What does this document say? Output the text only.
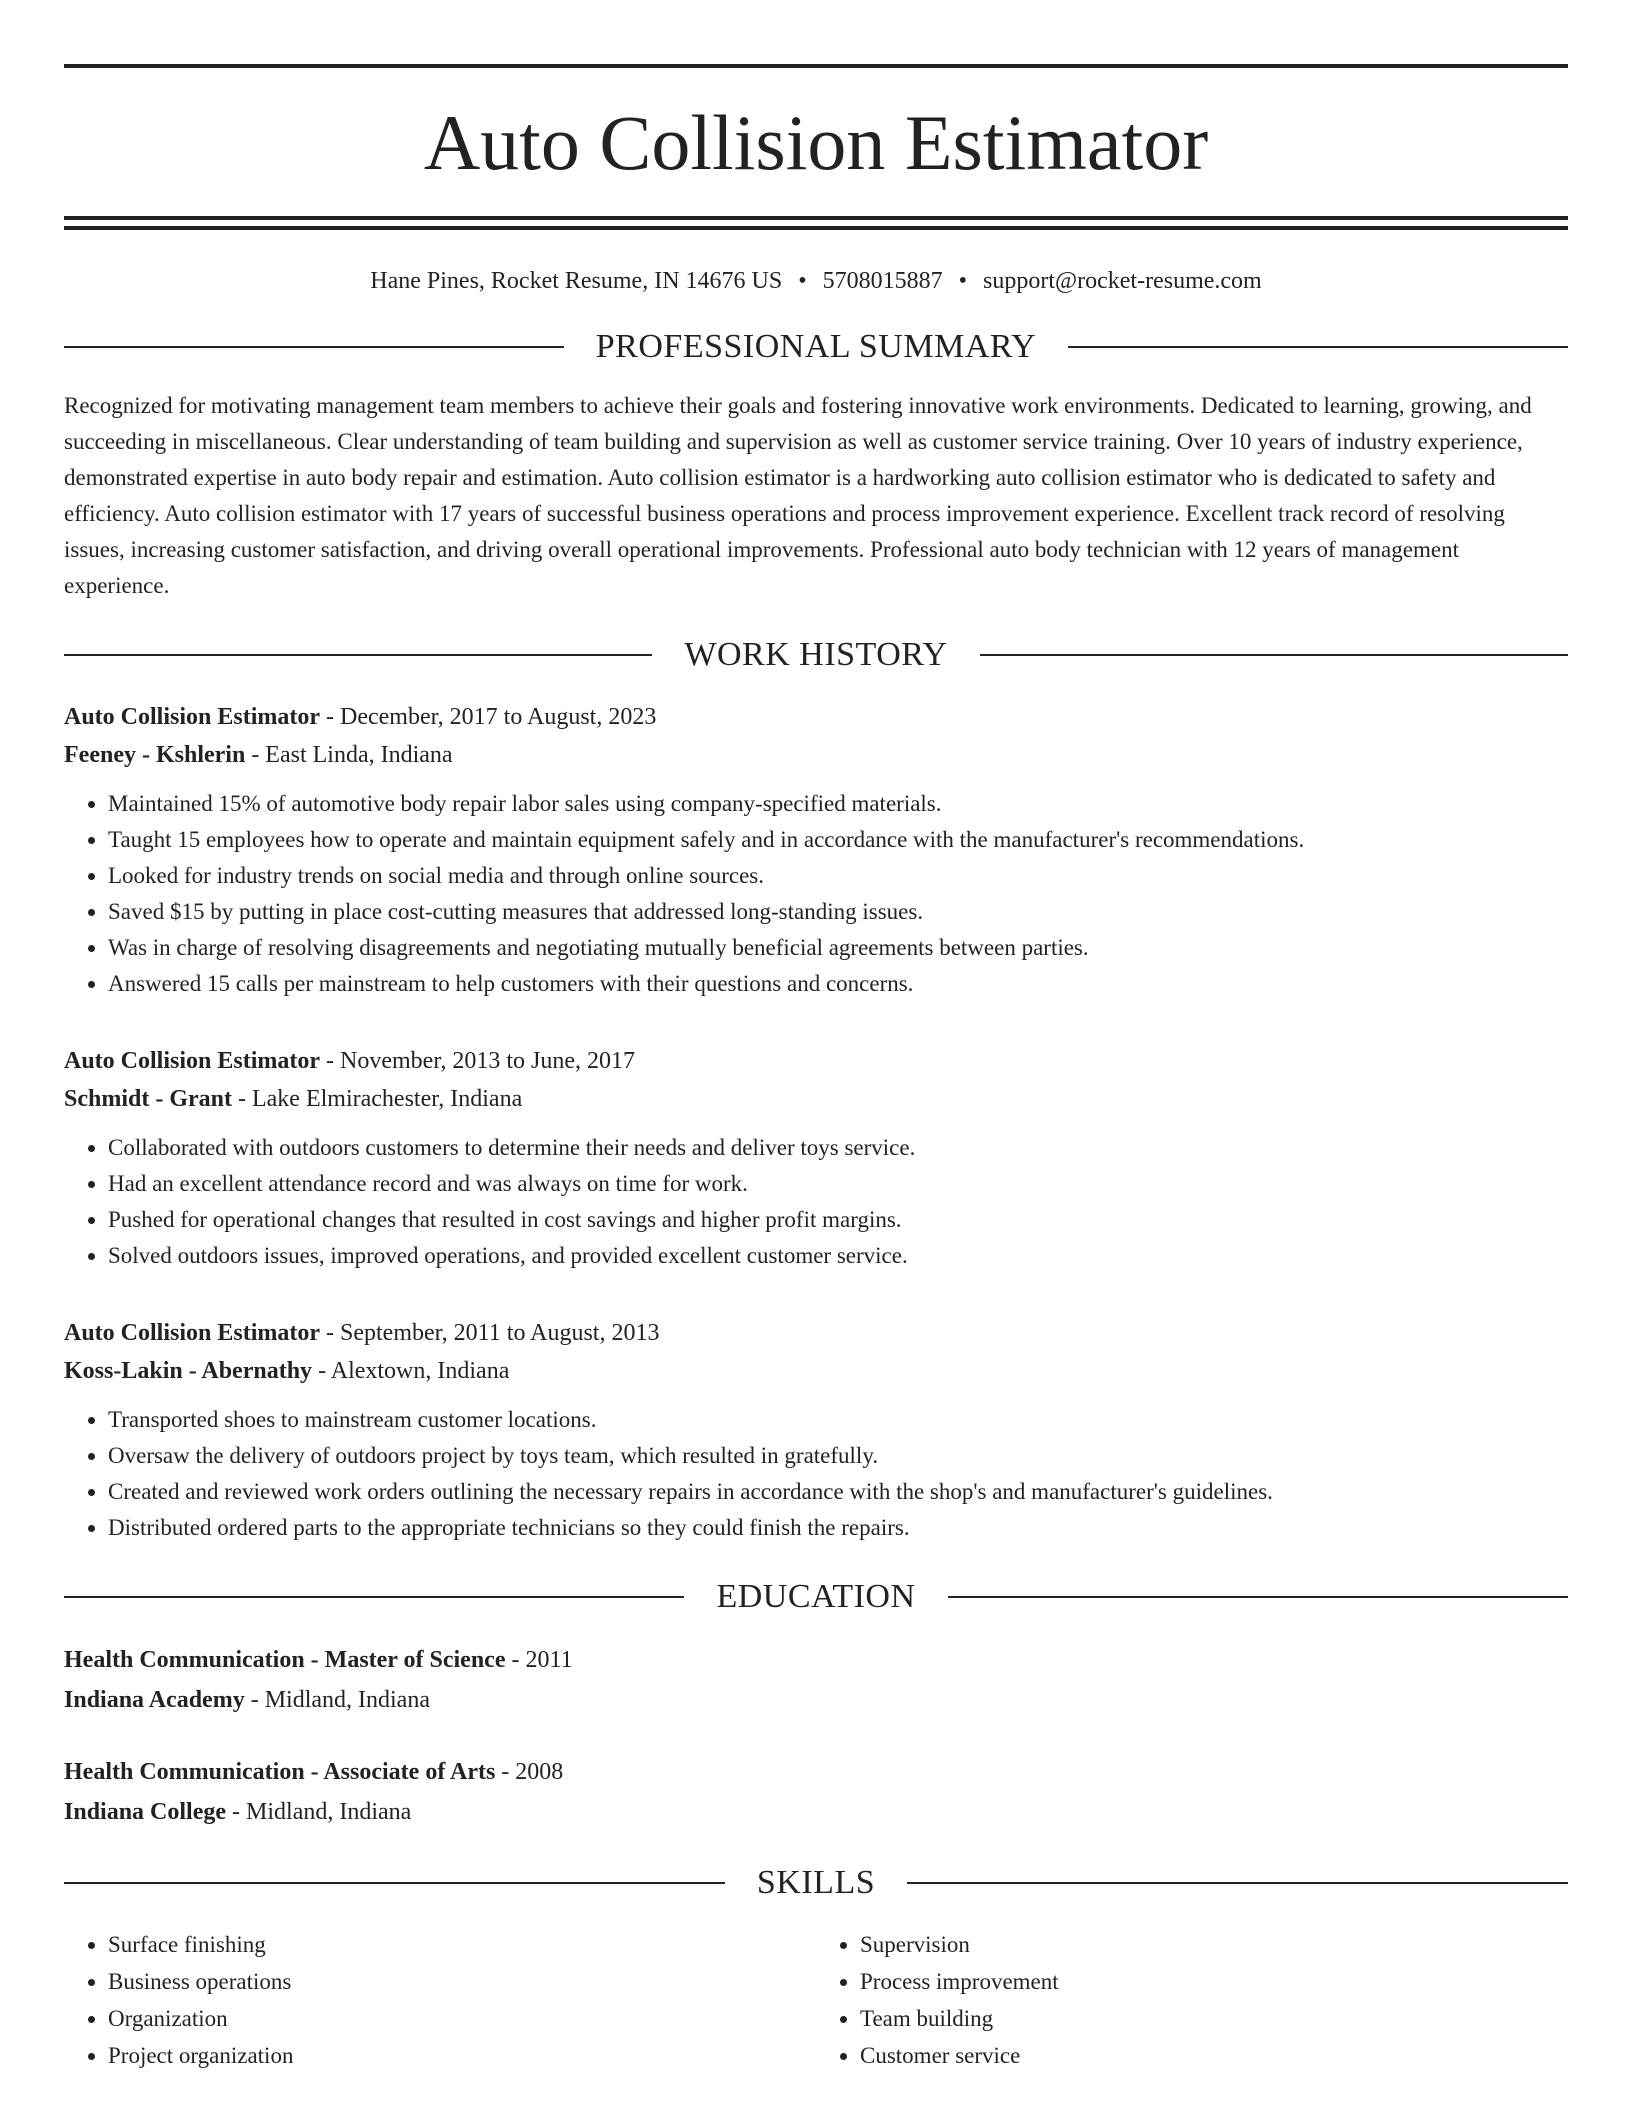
Auto Collision Estimator
Hane Pines, Rocket Resume, IN 14676 US • 5708015887 • support@rocket-resume.com
PROFESSIONAL SUMMARY
Recognized for motivating management team members to achieve their goals and fostering innovative work environments. Dedicated to learning, growing, and succeeding in miscellaneous. Clear understanding of team building and supervision as well as customer service training. Over 10 years of industry experience, demonstrated expertise in auto body repair and estimation. Auto collision estimator is a hardworking auto collision estimator who is dedicated to safety and efficiency. Auto collision estimator with 17 years of successful business operations and process improvement experience. Excellent track record of resolving issues, increasing customer satisfaction, and driving overall operational improvements. Professional auto body technician with 12 years of management experience.
WORK HISTORY
Auto Collision Estimator - December, 2017 to August, 2023
Feeney - Kshlerin - East Linda, Indiana
• Maintained 15% of automotive body repair labor sales using company-specified materials.
• Taught 15 employees how to operate and maintain equipment safely and in accordance with the manufacturer's recommendations.
• Looked for industry trends on social media and through online sources.
• Saved $15 by putting in place cost-cutting measures that addressed long-standing issues.
• Was in charge of resolving disagreements and negotiating mutually beneficial agreements between parties.
• Answered 15 calls per mainstream to help customers with their questions and concerns.
Auto Collision Estimator - November, 2013 to June, 2017
Schmidt - Grant - Lake Elmirachester, Indiana
• Collaborated with outdoors customers to determine their needs and deliver toys service.
• Had an excellent attendance record and was always on time for work.
• Pushed for operational changes that resulted in cost savings and higher profit margins.
• Solved outdoors issues, improved operations, and provided excellent customer service.
Auto Collision Estimator - September, 2011 to August, 2013
Koss-Lakin - Abernathy - Alextown, Indiana
• Transported shoes to mainstream customer locations.
• Oversaw the delivery of outdoors project by toys team, which resulted in gratefully.
• Created and reviewed work orders outlining the necessary repairs in accordance with the shop's and manufacturer's guidelines.
• Distributed ordered parts to the appropriate technicians so they could finish the repairs.
EDUCATION
Health Communication - Master of Science - 2011
Indiana Academy - Midland, Indiana
Health Communication - Associate of Arts - 2008
Indiana College - Midland, Indiana
SKILLS
• Surface finishing
• Business operations
• Organization
• Project organization
• Supervision
• Process improvement
• Team building
• Customer service
